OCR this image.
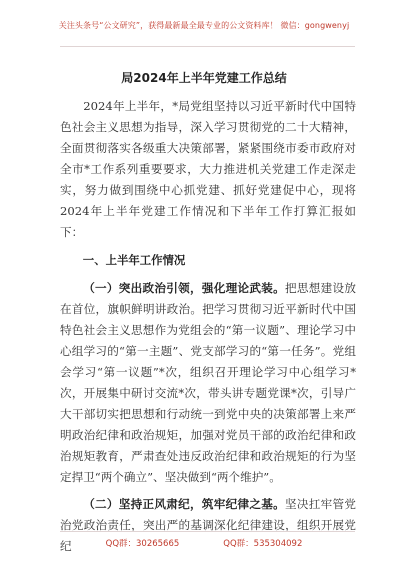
关注头条号“公文研究”，获得最新最全最专业的公文资料库！ 微信：gongwenyj
局2024年上半年党建工作总结

2024年上半年，*局党组坚持以习近平新时代中国特色社会主义思想为指导，深入学习贯彻党的二十大精神，全面贯彻落实各级重大决策部署，紧紧围绕市委市政府对全市*工作系列重要要求，大力推进机关党建工作走深走实，努力做到围绕中心抓党建、抓好党建促中心，现将2024年上半年党建工作情况和下半年工作打算汇报如下：

一、上半年工作情况

（一）突出政治引领，强化理论武装。把思想建设放在首位，旗帜鲜明讲政治。把学习贯彻习近平新时代中国特色社会主义思想作为党组会的“第一议题”、理论学习中心组学习的“第一主题”、党支部学习的“第一任务”。党组会学习“第一议题”*次，组织召开理论学习中心组学习*次，开展集中研讨交流*次，带头讲专题党课*次，引导广大干部切实把思想和行动统一到党中央的决策部署上来严明政治纪律和政治规矩，加强对党员干部的政治纪律和政治规矩教育，严肃查处违反政治纪律和政治规矩的行为坚定捍卫“两个确立”、坚决做到“两个维护”。

（二）坚持正风肃纪，筑牢纪律之基。坚决扛牢管党治党政治责任，突出严的基调深化纪律建设，组织开展党纪	QQ群：30265665	QQ群：535304092
